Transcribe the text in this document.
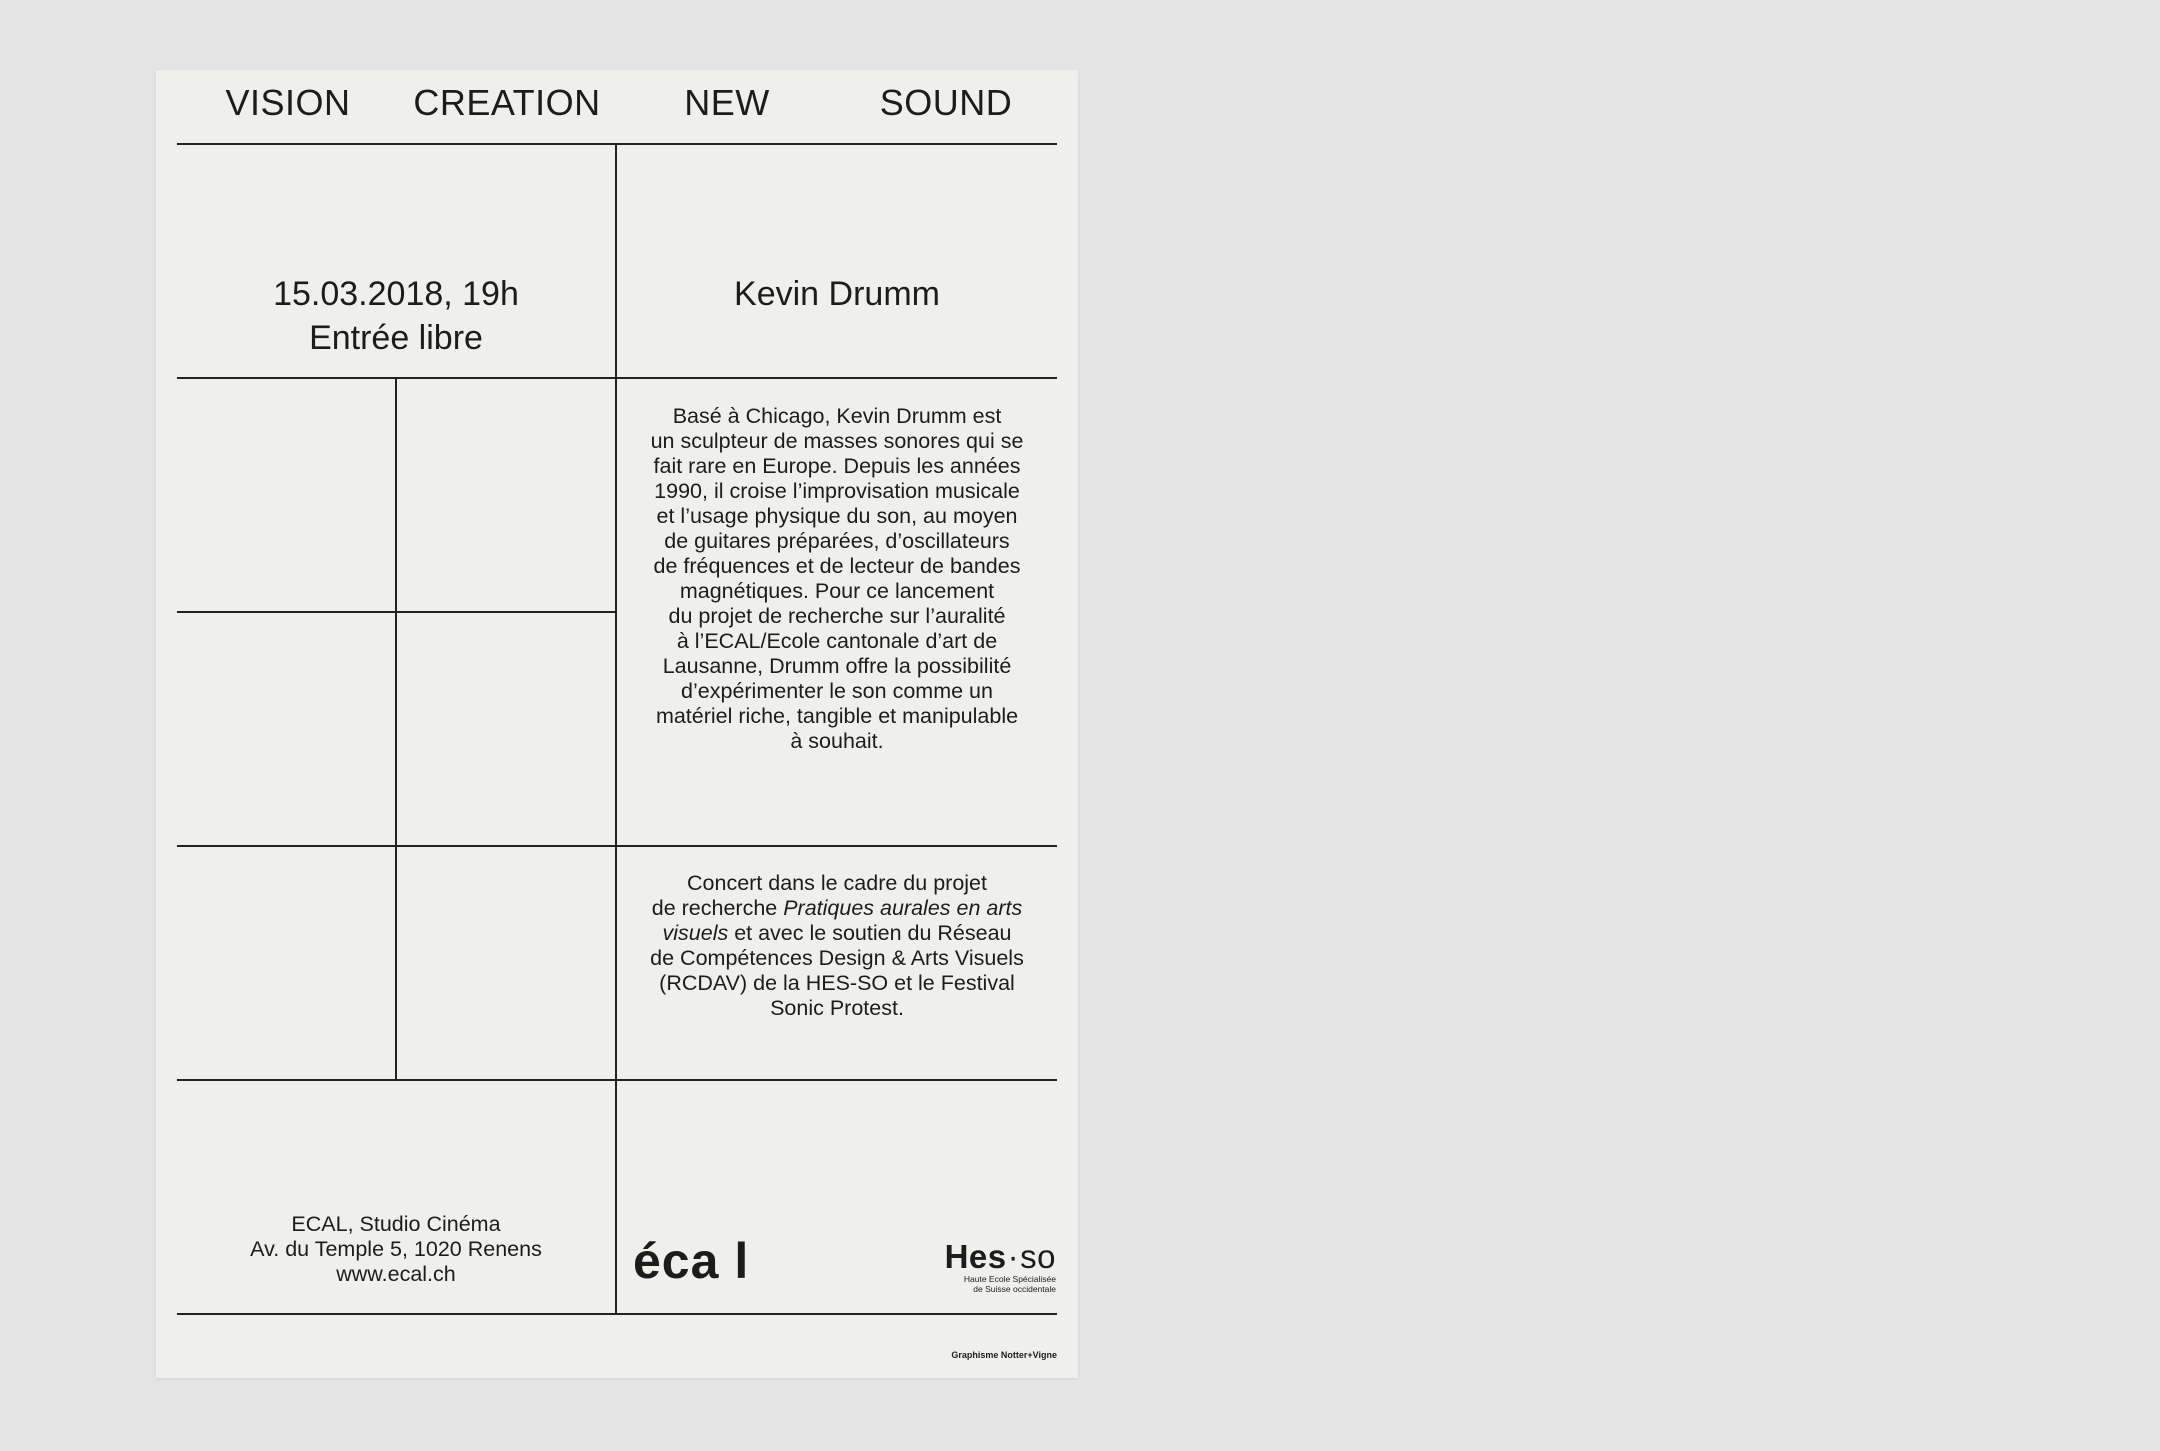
VISION	CREATION	NEW	SOUND
15.03.2018, 19h
Entrée libre
Kevin Drumm
Basé à Chicago, Kevin Drumm est
un sculpteur de masses sonores qui se
fait rare en Europe. Depuis les années
1990, il croise l’improvisation musicale
et l’usage physique du son, au moyen
de guitares préparées, d’oscillateurs
de fréquences et de lecteur de bandes
magnétiques. Pour ce lancement
du projet de recherche sur l’auralité
à l’ECAL/Ecole cantonale d’art de
Lausanne, Drumm offre la possibilité
d’expérimenter le son comme un
matériel riche, tangible et manipulable
à souhait.
Concert dans le cadre du projet
de recherche Pratiques aurales en arts
visuels et avec le soutien du Réseau
de Compétences Design & Arts Visuels
(RCDAV) de la HES-SO et le Festival
Sonic Protest.
ECAL, Studio Cinéma
Av. du Temple 5, 1020 Renens
www.ecal.ch	éca l	Hes·so
Haute Ecole Spécialisée
de Suisse occidentale
Graphisme Notter+Vigne
